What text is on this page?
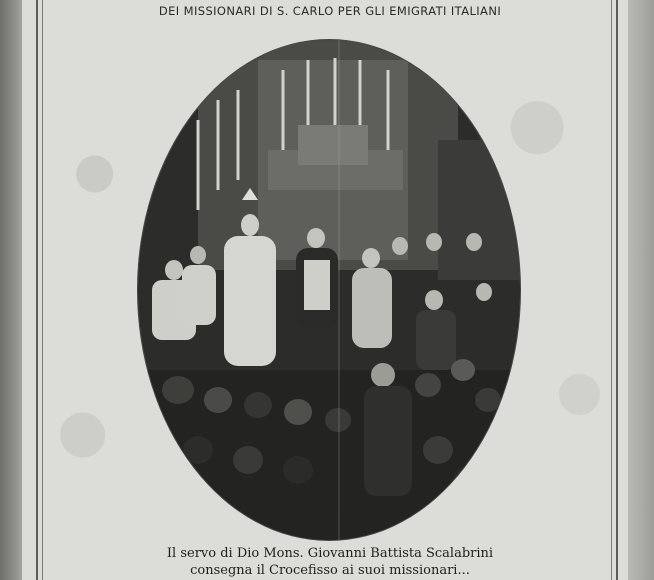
DEI MISSIONARI DI S. CARLO PER GLI EMIGRATI ITALIANI
Il servo di Dio Mons. Giovanni Battista Scalabrini
consegna il Crocefisso ai suoi missionari...
